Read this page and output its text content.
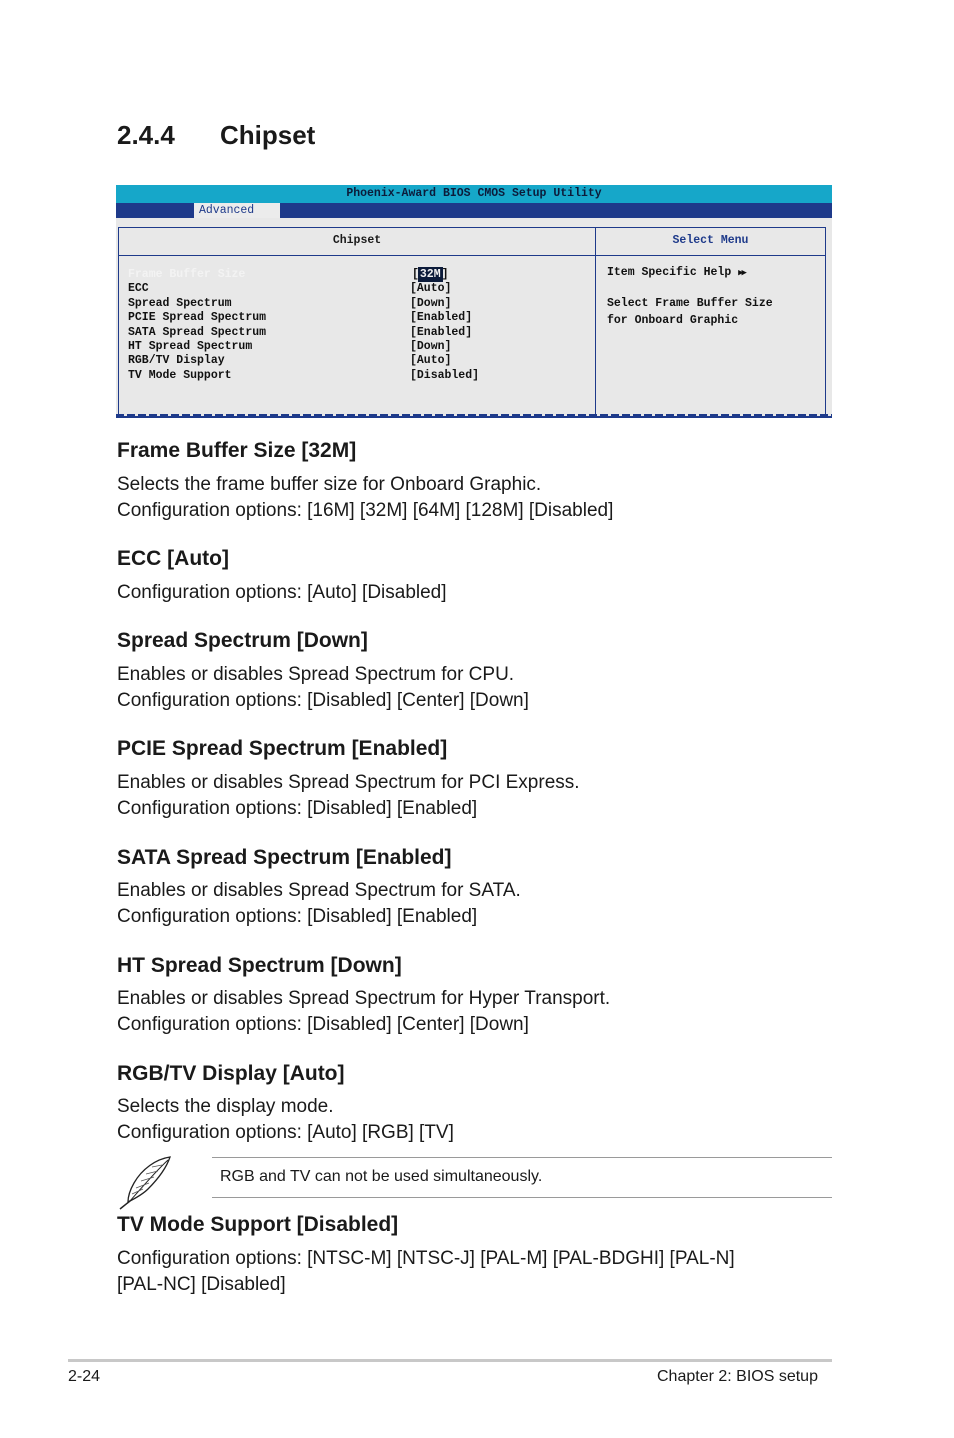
2.4.4 Chipset
Phoenix-Award BIOS CMOS Setup Utility
Advanced
Chipset	Select Menu
Frame Buffer Size	[32M]
ECC	[Auto]
Spread Spectrum	[Down]
PCIE Spread Spectrum	[Enabled]
SATA Spread Spectrum	[Enabled]
HT Spread Spectrum	[Down]
RGB/TV Display	[Auto]
TV Mode Support	[Disabled]
Item Specific Help ▶▶
Select Frame Buffer Size
for Onboard Graphic
Frame Buffer Size [32M]
Selects the frame buffer size for Onboard Graphic.
Configuration options: [16M] [32M] [64M] [128M] [Disabled]
ECC [Auto]
Configuration options: [Auto] [Disabled]
Spread Spectrum [Down]
Enables or disables Spread Spectrum for CPU.
Configuration options: [Disabled] [Center] [Down]
PCIE Spread Spectrum [Enabled]
Enables or disables Spread Spectrum for PCI Express.
Configuration options: [Disabled] [Enabled]
SATA Spread Spectrum [Enabled]
Enables or disables Spread Spectrum for SATA.
Configuration options: [Disabled] [Enabled]
HT Spread Spectrum [Down]
Enables or disables Spread Spectrum for Hyper Transport.
Configuration options: [Disabled] [Center] [Down]
RGB/TV Display [Auto]
Selects the display mode.
Configuration options: [Auto] [RGB] [TV]
RGB and TV can not be used simultaneously.
TV Mode Support [Disabled]
Configuration options: [NTSC-M] [NTSC-J] [PAL-M] [PAL-BDGHI] [PAL-N]
[PAL-NC] [Disabled]
2-24	Chapter 2: BIOS setup
